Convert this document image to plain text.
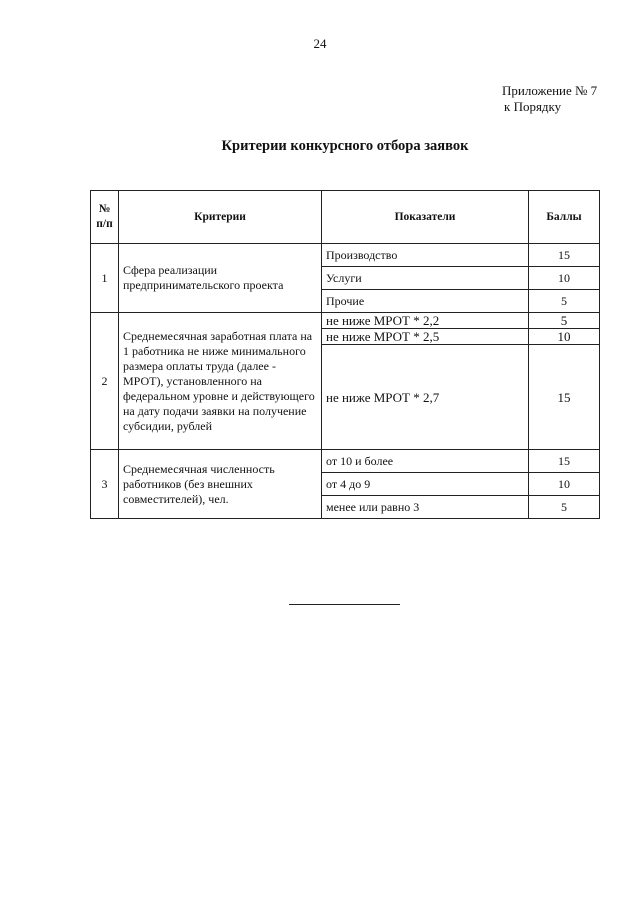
24
Приложение № 7
к Порядку
Критерии конкурсного отбора заявок
№ п/п	Критерии	Показатели	Баллы
1	Сфера реализации предпринимательского проекта	Производство	15
		Услуги	10
		Прочие	5
2	Среднемесячная заработная плата на 1 работника не ниже минимального размера оплаты труда (далее - МРОТ), установленного на федеральном уровне и действующего на дату подачи заявки на получение субсидии, рублей	не ниже МРОТ * 2,2	5
		не ниже МРОТ * 2,5	10
		не ниже МРОТ * 2,7	15
3	Среднемесячная численность работников (без внешних совместителей), чел.	от 10 и более	15
		от 4 до 9	10
		менее или равно 3	5
